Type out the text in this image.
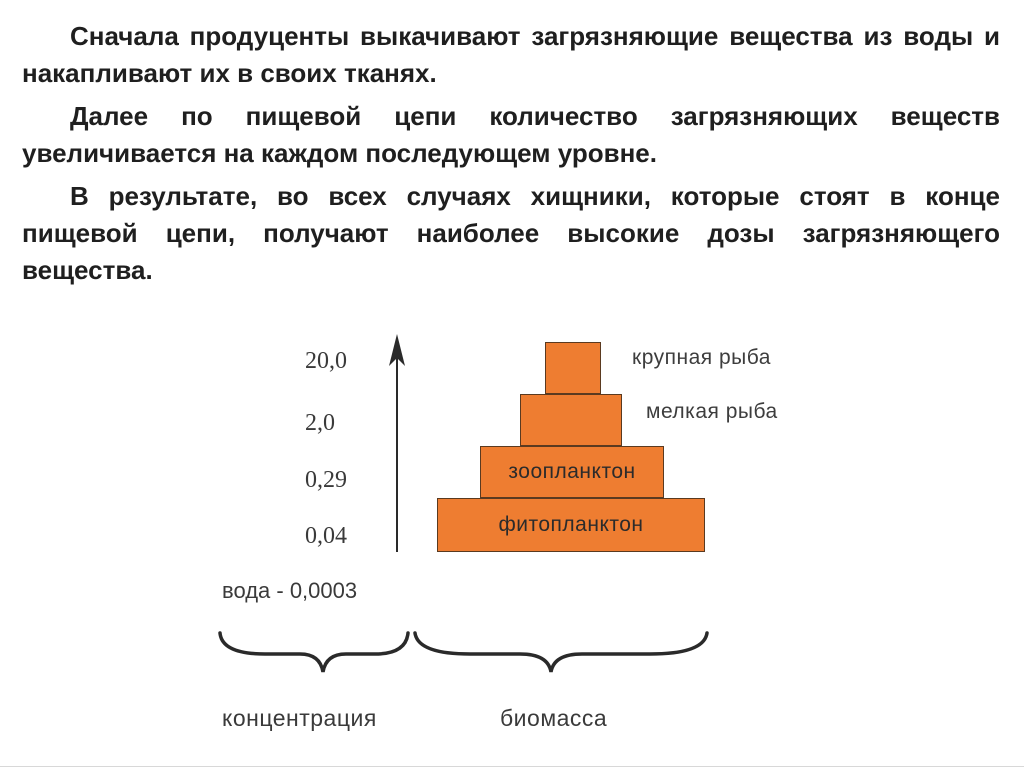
Сначала продуценты выкачивают загрязняющие вещества из воды и накапливают их в своих тканях.

Далее по пищевой цепи количество загрязняющих веществ увеличивается на каждом последующем уровне.

В результате, во всех случаях хищники, которые стоят в конце пищевой цепи, получают наиболее высокие дозы загрязняющего вещества.

20,0
2,0
0,29
0,04
вода - 0,0003
крупная рыба
мелкая рыба
зоопланктон
фитопланктон
концентрация	биомасса
